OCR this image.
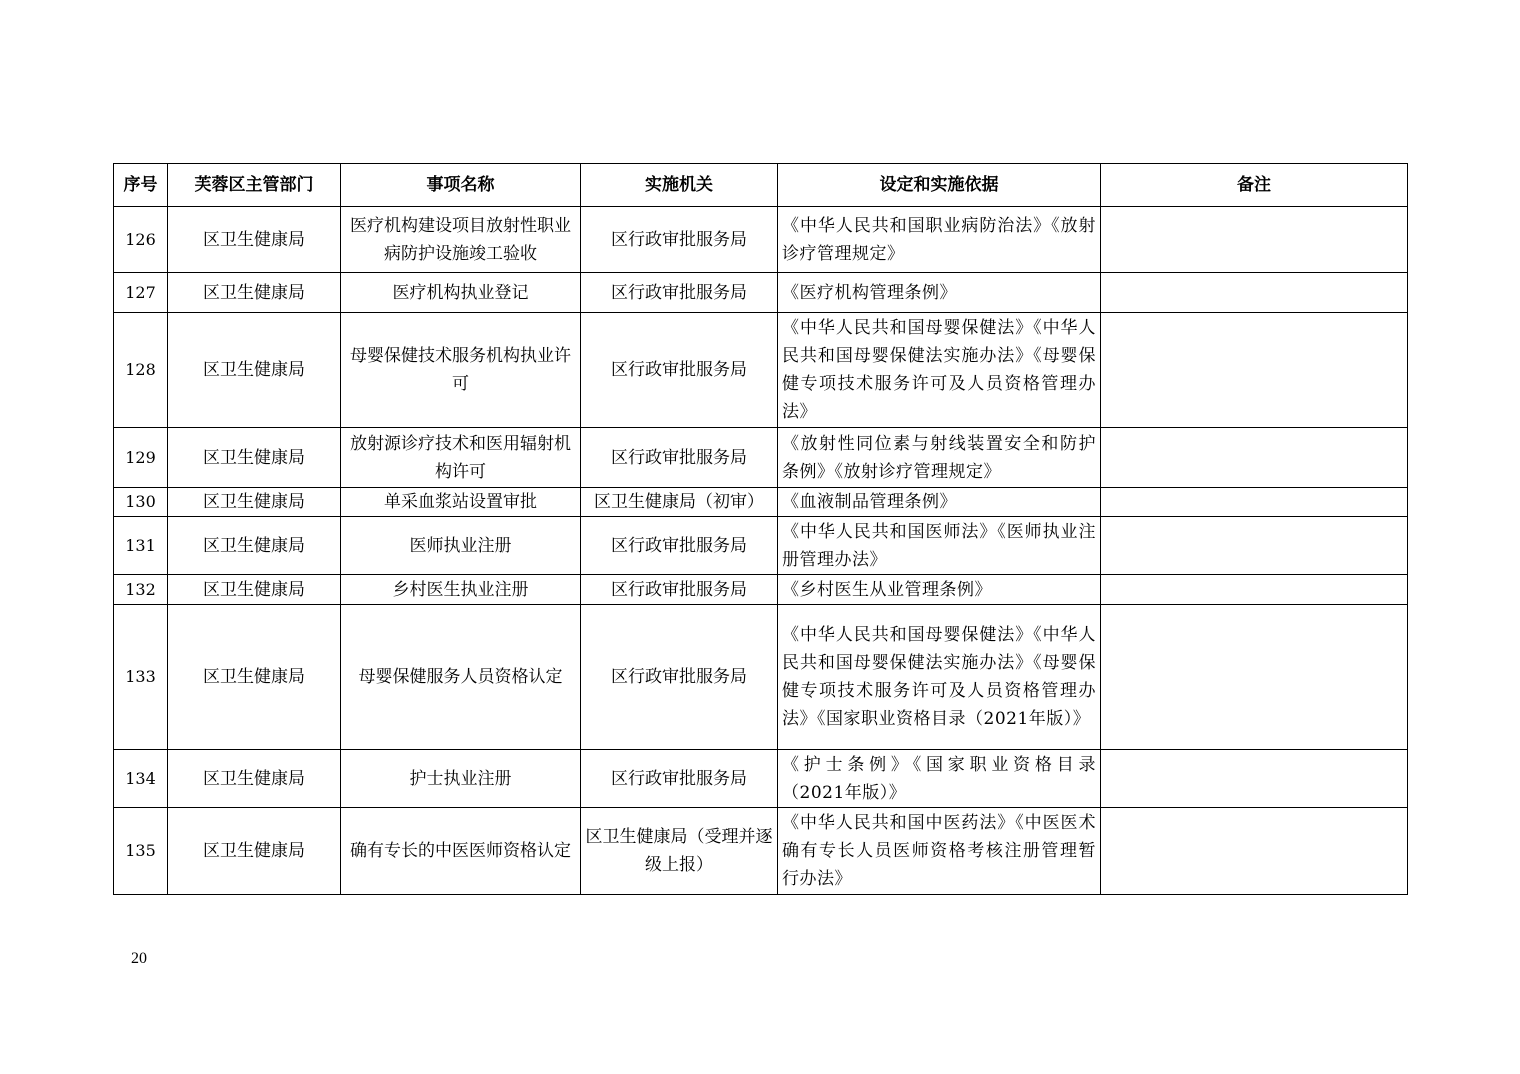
序号	芙蓉区主管部门	事项名称	实施机关	设定和实施依据	备注
126	区卫生健康局	医疗机构建设项目放射性职业病防护设施竣工验收	区行政审批服务局	《中华人民共和国职业病防治法》《放射诊疗管理规定》	
127	区卫生健康局	医疗机构执业登记	区行政审批服务局	《医疗机构管理条例》	
128	区卫生健康局	母婴保健技术服务机构执业许可	区行政审批服务局	《中华人民共和国母婴保健法》《中华人民共和国母婴保健法实施办法》《母婴保健专项技术服务许可及人员资格管理办法》	
129	区卫生健康局	放射源诊疗技术和医用辐射机构许可	区行政审批服务局	《放射性同位素与射线装置安全和防护条例》《放射诊疗管理规定》	
130	区卫生健康局	单采血浆站设置审批	区卫生健康局（初审）	《血液制品管理条例》	
131	区卫生健康局	医师执业注册	区行政审批服务局	《中华人民共和国医师法》《医师执业注册管理办法》	
132	区卫生健康局	乡村医生执业注册	区行政审批服务局	《乡村医生从业管理条例》	
133	区卫生健康局	母婴保健服务人员资格认定	区行政审批服务局	《中华人民共和国母婴保健法》《中华人民共和国母婴保健法实施办法》《母婴保健专项技术服务许可及人员资格管理办法》《国家职业资格目录（2021年版）》	
134	区卫生健康局	护士执业注册	区行政审批服务局	《护士条例》《国家职业资格目录（2021年版）》	
135	区卫生健康局	确有专长的中医医师资格认定	区卫生健康局（受理并逐级上报）	《中华人民共和国中医药法》《中医医术确有专长人员医师资格考核注册管理暂行办法》	
20
